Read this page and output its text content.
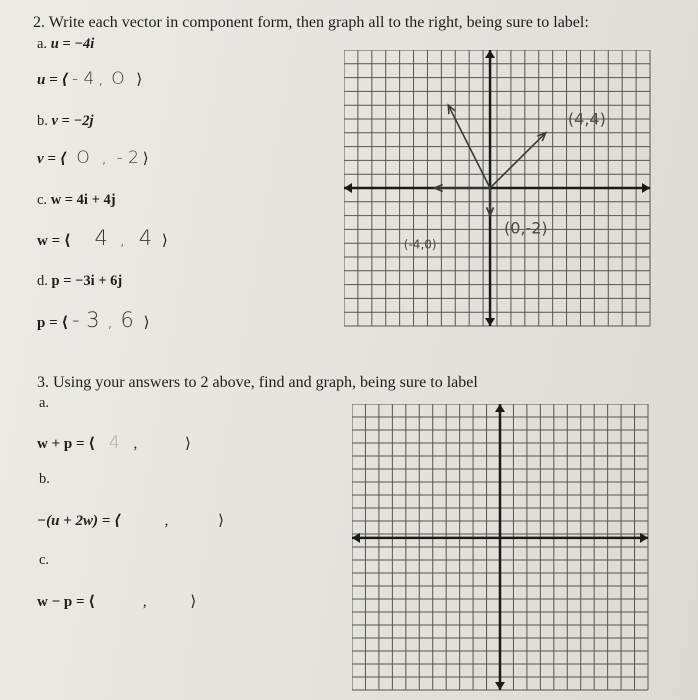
2. Write each vector in component form, then graph all to the right, being sure to label:
a. u = −4i
u = ⟨ - 4 , O ⟩
b. v = −2j
v = ⟨ O , - 2 ⟩
c. w = 4i + 4j
w = ⟨ 4 , 4 ⟩
d. p = −3i + 6j
p = ⟨ - 3 , 6 ⟩
(4,4)
(-4,0)
(0,-2)
3. Using your answers to 2 above, find and graph, being sure to label
a.
w + p = ⟨ 4 ,	⟩
b.
−(u + 2w) = ⟨	,	⟩
c.
w − p = ⟨	,	⟩
